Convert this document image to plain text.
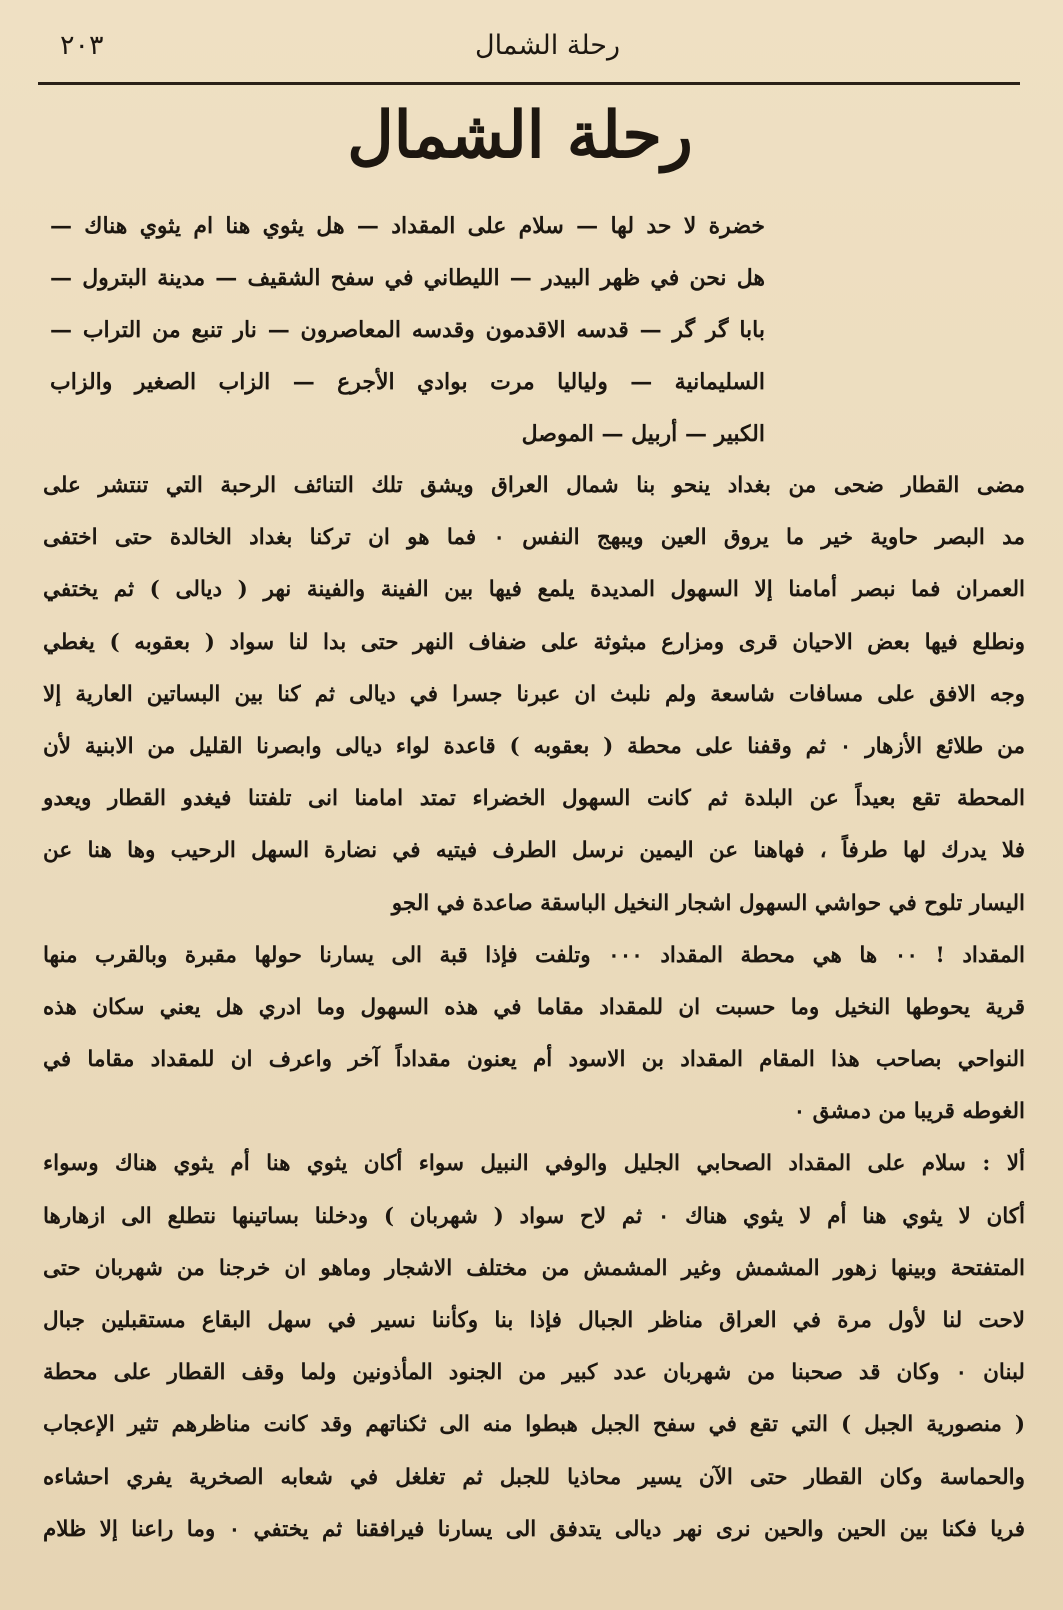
رحلة الشمال
٢٠٣
رحلة الشمال
خضرة لا حد لها — سلام على المقداد — هل يثوي هنا ام يثوي هناك —
هل نحن في ظهر البيدر — الليطاني في سفح الشقيف — مدينة البترول —
بابا گر گر — قدسه الاقدمون وقدسه المعاصرون — نار تنبع من التراب —
السليمانية — ولياليا مرت بوادي الأجرع — الزاب الصغير والزاب
الكبير — أربيل — الموصل
مضى القطار ضحى من بغداد ينحو بنا شمال العراق ويشق تلك التنائف الرحبة التي تنتشر على
مد البصر حاوية خير ما يروق العين ويبهج النفس ٠ فما هو ان تركنا بغداد الخالدة حتى اختفى
العمران فما نبصر أمامنا إلا السهول المديدة يلمع فيها بين الفينة والفينة نهر ( ديالى ) ثم يختفي
ونطلع فيها بعض الاحيان قرى ومزارع مبثوثة على ضفاف النهر حتى بدا لنا سواد ( بعقوبه ) يغطي
وجه الافق على مسافات شاسعة ولم نلبث ان عبرنا جسرا في ديالى ثم كنا بين البساتين العارية إلا
من طلائع الأزهار ٠ ثم وقفنا على محطة ( بعقوبه ) قاعدة لواء ديالى وابصرنا القليل من الابنية لأن
المحطة تقع بعيداً عن البلدة ثم كانت السهول الخضراء تمتد امامنا انى تلفتنا فيغدو القطار ويعدو
فلا يدرك لها طرفاً ، فهاهنا عن اليمين نرسل الطرف فيتيه في نضارة السهل الرحيب وها هنا عن
اليسار تلوح في حواشي السهول اشجار النخيل الباسقة صاعدة في الجو
المقداد ! ٠٠ ها هي محطة المقداد ٠٠٠ وتلفت فإذا قبة الى يسارنا حولها مقبرة وبالقرب منها
قرية يحوطها النخيل وما حسبت ان للمقداد مقاما في هذه السهول وما ادري هل يعني سكان هذه
النواحي بصاحب هذا المقام المقداد بن الاسود أم يعنون مقداداً آخر واعرف ان للمقداد مقاما في
الغوطه قريبا من دمشق ٠
ألا : سلام على المقداد الصحابي الجليل والوفي النبيل سواء أكان يثوي هنا أم يثوي هناك وسواء
أكان لا يثوي هنا أم لا يثوي هناك ٠ ثم لاح سواد ( شهربان ) ودخلنا بساتينها نتطلع الى ازهارها
المتفتحة وبينها زهور المشمش وغير المشمش من مختلف الاشجار وماهو ان خرجنا من شهربان حتى
لاحت لنا لأول مرة في العراق مناظر الجبال فإذا بنا وكأننا نسير في سهل البقاع مستقبلين جبال
لبنان ٠ وكان قد صحبنا من شهربان عدد كبير من الجنود المأذونين ولما وقف القطار على محطة
( منصورية الجبل ) التي تقع في سفح الجبل هبطوا منه الى ثكناتهم وقد كانت مناظرهم تثير الإعجاب
والحماسة وكان القطار حتى الآن يسير محاذيا للجبل ثم تغلغل في شعابه الصخرية يفري احشاءه
فريا فكنا بين الحين والحين نرى نهر ديالى يتدفق الى يسارنا فيرافقنا ثم يختفي ٠ وما راعنا إلا ظلام
